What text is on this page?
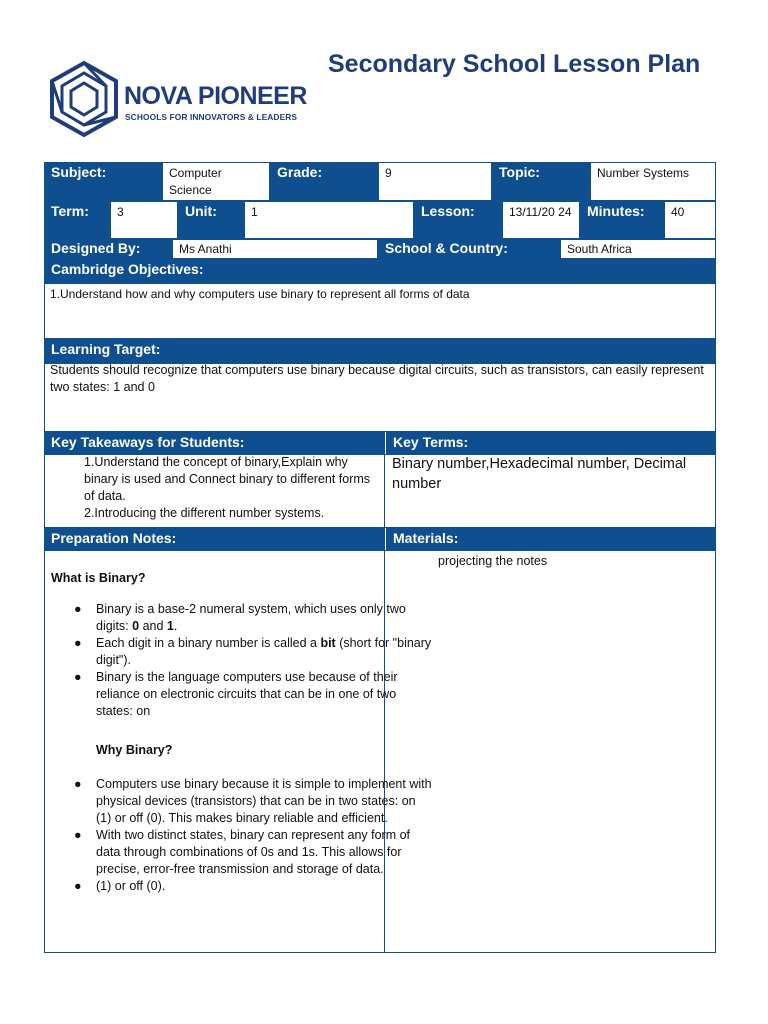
NOVA PIONEER
SCHOOLS FOR INNOVATORS & LEADERS
Secondary School Lesson Plan
Subject:	Computer Science
Grade:	9	Topic:	Number Systems
Term:	3	Unit:	1	Lesson:	13/11/20 24	Minutes:	40
Designed By:	Ms Anathi	School & Country:	South Africa
Cambridge Objectives:
1.Understand how and why computers use binary to represent all forms of data
Learning Target:
Students should recognize that computers use binary because digital circuits, such as transistors, can easily represent two states: 1 and 0
Key Takeaways for Students:	Key Terms:
1.Understand the concept of binary,Explain why binary is used and Connect binary to different forms of data.
2.Introducing the different number systems.
Binary number,Hexadecimal number, Decimal number
Preparation Notes:	Materials:
projecting the notes
What is Binary?
● Binary is a base-2 numeral system, which uses only two digits: 0 and 1.
● Each digit in a binary number is called a bit (short for "binary digit").
● Binary is the language computers use because of their reliance on electronic circuits that can be in one of two states: on
Why Binary?
● Computers use binary because it is simple to implement with physical devices (transistors) that can be in two states: on (1) or off (0). This makes binary reliable and efficient.
● With two distinct states, binary can represent any form of data through combinations of 0s and 1s. This allows for precise, error-free transmission and storage of data.
● (1) or off (0).
